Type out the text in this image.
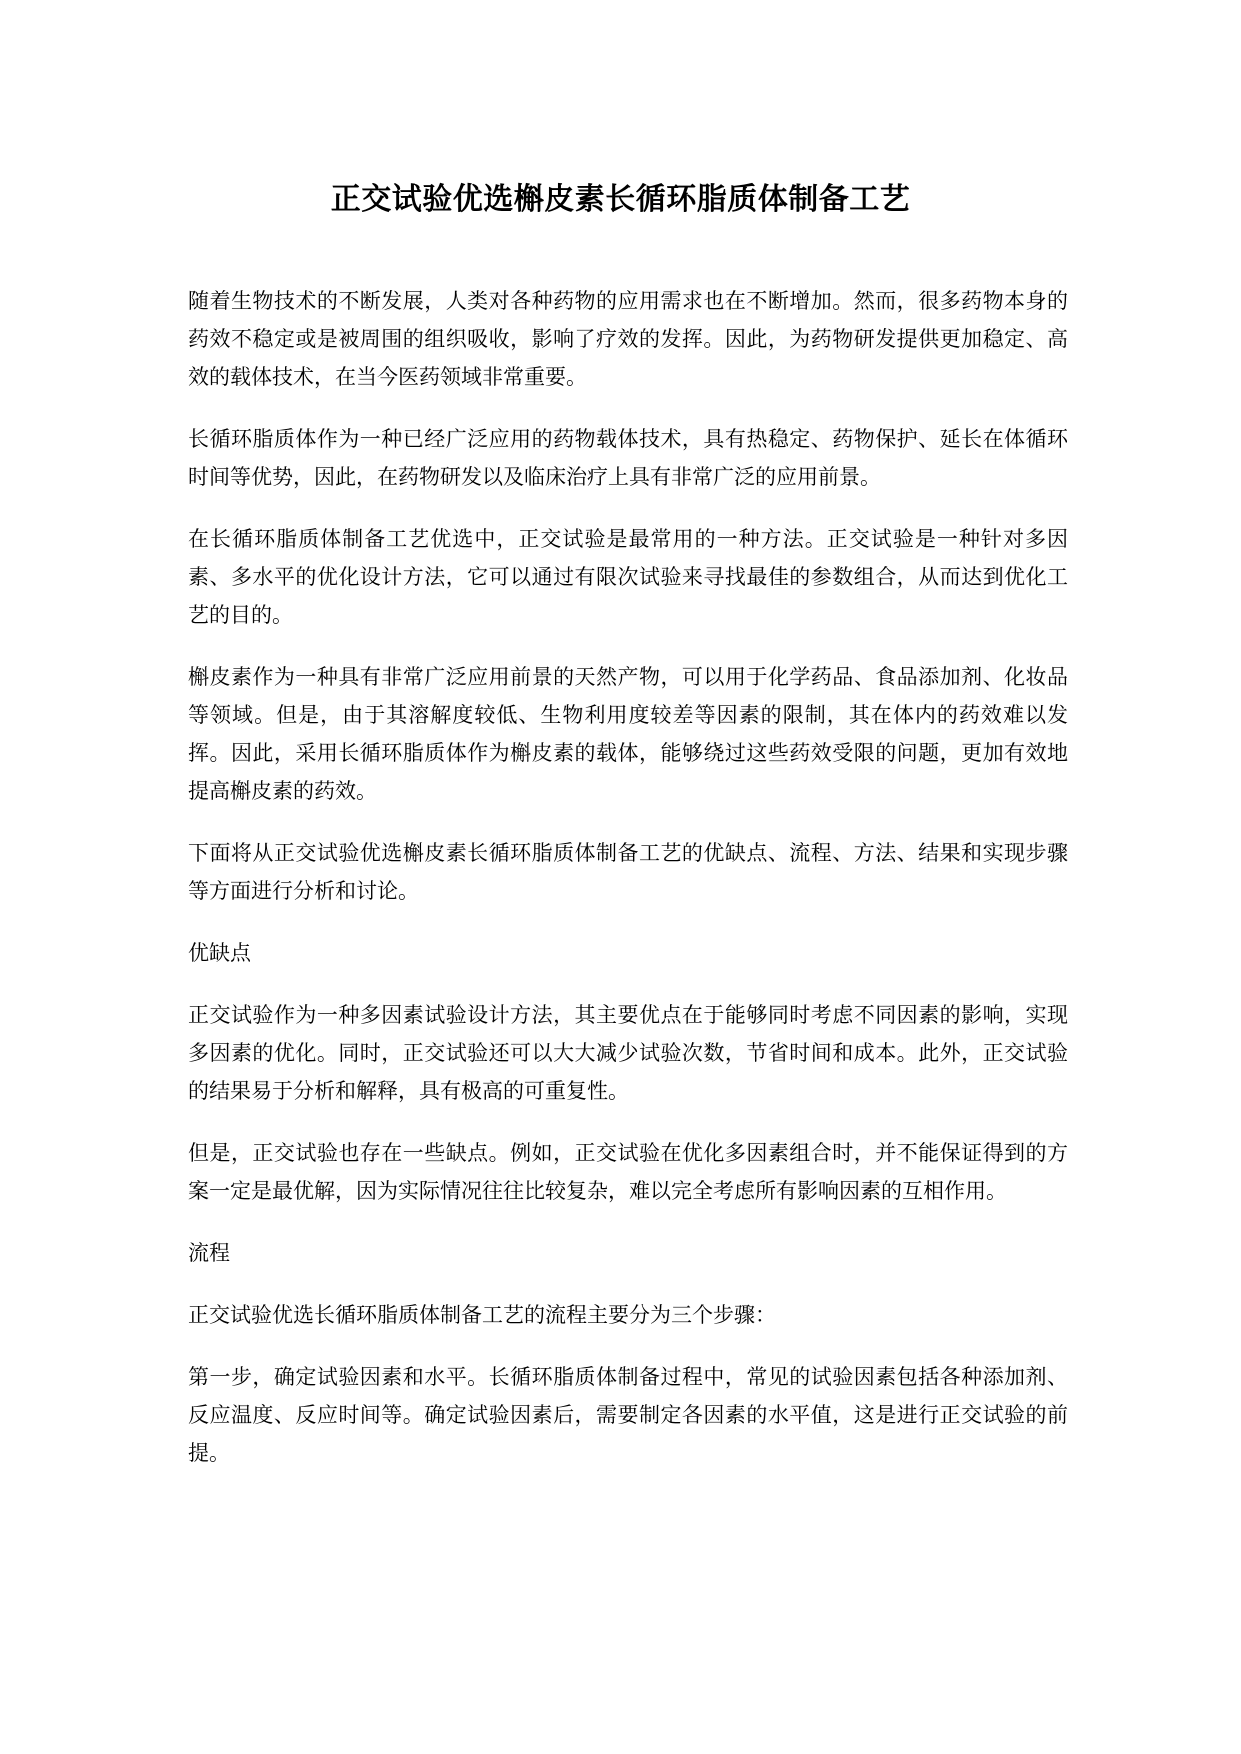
正交试验优选槲皮素长循环脂质体制备工艺

随着生物技术的不断发展，人类对各种药物的应用需求也在不断增加。然而，很多药物本身的药效不稳定或是被周围的组织吸收，影响了疗效的发挥。因此，为药物研发提供更加稳定、高效的载体技术，在当今医药领域非常重要。

长循环脂质体作为一种已经广泛应用的药物载体技术，具有热稳定、药物保护、延长在体循环时间等优势，因此，在药物研发以及临床治疗上具有非常广泛的应用前景。

在长循环脂质体制备工艺优选中，正交试验是最常用的一种方法。正交试验是一种针对多因素、多水平的优化设计方法，它可以通过有限次试验来寻找最佳的参数组合，从而达到优化工艺的目的。

槲皮素作为一种具有非常广泛应用前景的天然产物，可以用于化学药品、食品添加剂、化妆品等领域。但是，由于其溶解度较低、生物利用度较差等因素的限制，其在体内的药效难以发挥。因此，采用长循环脂质体作为槲皮素的载体，能够绕过这些药效受限的问题，更加有效地提高槲皮素的药效。

下面将从正交试验优选槲皮素长循环脂质体制备工艺的优缺点、流程、方法、结果和实现步骤等方面进行分析和讨论。

优缺点

正交试验作为一种多因素试验设计方法，其主要优点在于能够同时考虑不同因素的影响，实现多因素的优化。同时，正交试验还可以大大减少试验次数，节省时间和成本。此外，正交试验的结果易于分析和解释，具有极高的可重复性。

但是，正交试验也存在一些缺点。例如，正交试验在优化多因素组合时，并不能保证得到的方案一定是最优解，因为实际情况往往比较复杂，难以完全考虑所有影响因素的互相作用。

流程

正交试验优选长循环脂质体制备工艺的流程主要分为三个步骤：

第一步，确定试验因素和水平。长循环脂质体制备过程中，常见的试验因素包括各种添加剂、反应温度、反应时间等。确定试验因素后，需要制定各因素的水平值，这是进行正交试验的前提。
